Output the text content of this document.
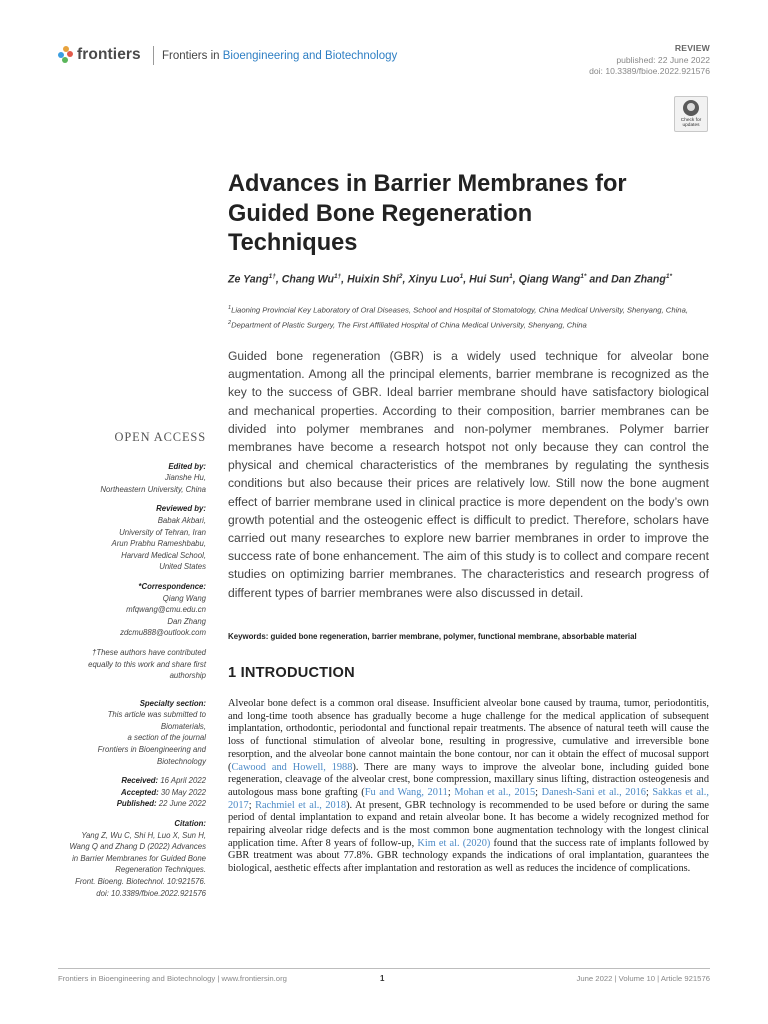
frontiers Frontiers in Bioengineering and Biotechnology
REVIEW
published: 22 June 2022
doi: 10.3389/fbioe.2022.921576
Check for updates
Advances in Barrier Membranes for
Guided Bone Regeneration
Techniques
Ze Yang$^{1\dagger}$, Chang $Wu^{1\dagger}$, Huixin Shi$^2$, Xinyu Luo$^1$, Hui Sun$^1$, Qiang Wang$^{1*}$ and Dan Zhang$^{1*}$
$^1$Liaoning Provincial Key Laboratory of Oral Diseases, School and Hospital of Stomatology, China Medical University, Shenyang, China, $^2$Department of Plastic Surgery, The First Affiliated Hospital of China Medical University, Shenyang, China
Guided bone regeneration (GBR) is a widely used technique for alveolar bone augmentation. Among all the principal elements, barrier membrane is recognized as the key to the success of GBR. Ideal barrier membrane should have satisfactory biological and mechanical properties. According to their composition, barrier membranes can be divided into polymer membranes and non-polymer membranes. Polymer barrier membranes have become a research hotspot not only because they can control the physical and chemical characteristics of the membranes by regulating the synthesis conditions but also because their prices are relatively low. Still now the bone augment effect of barrier membrane used in clinical practice is more dependent on the body’s own growth potential and the osteogenic effect is difficult to predict. Therefore, scholars have carried out many researches to explore new barrier membranes in order to improve the success rate of bone enhancement. The aim of this study is to collect and compare recent studies on optimizing barrier membranes. The characteristics and research progress of different types of barrier membranes were also discussed in detail.
Keywords: guided bone regeneration, barrier membrane, polymer, functional membrane, absorbable material
1 INTRODUCTION
Alveolar bone defect is a common oral disease. Insufficient alveolar bone caused by trauma, tumor, periodontitis, and long-time tooth absence has gradually become a huge challenge for the medical application of subsequent implantation, orthodontic, periodontal and functional repair treatments. The absence of natural teeth will cause the loss of functional stimulation of alveolar bone, resulting in progressive, cumulative and irreversible bone resorption, and the alveolar bone cannot maintain the bone contour, nor can it obtain the effect of mucosal support (Cawood and Howell, 1988). There are many ways to improve the alveolar bone, including guided bone regeneration, cleavage of the alveolar crest, bone compression, maxillary sinus lifting, distraction osteogenesis and autologous mass bone grafting (Fu and Wang, 2011; Mohan et al., 2015; Danesh-Sani et al., 2016; Sakkas et al., 2017; Rachmiel et al., 2018). At present, GBR technology is recommended to be used before or during the same period of dental implantation to expand and retain alveolar bone. It has become a widely recognized method for repairing alveolar ridge defects and is the most common bone augmentation technology with the longest clinical application time. After 8 years of follow-up, Kim et al. (2020) found that the success rate of implants followed by GBR treatment was about 77.8%. GBR technology expands the indications of oral implantation, guarantees the biological, aesthetic effects after implantation and restoration as well as reduces the incidence of complications.
OPEN ACCESS
Edited by:
Jianshe Hu,
Northeastern University, China
Reviewed by:
Babak Akbari,
University of Tehran, Iran
Arun Prabhu Rameshbabu,
Harvard Medical School,
United States
*Correspondence:
Qiang Wang
mfqwang@cmu.edu.cn
Dan Zhang
zdcmu888@outlook.com
†These authors have contributed
equally to this work and share first
authorship
Specialty section:
This article was submitted to
Biomaterials,
a section of the journal
Frontiers in Bioengineering and
Biotechnology
Received: 16 April 2022
Accepted: 30 May 2022
Published: 22 June 2022
Citation:
Yang Z, Wu C, Shi H, Luo X, Sun H,
Wang Q and Zhang D (2022) Advances
in Barrier Membranes for Guided Bone
Regeneration Techniques.
Front. Bioeng. Biotechnol. 10:921576.
doi: 10.3389/fbioe.2022.921576
Frontiers in Bioengineering and Biotechnology | www.frontiersin.org	1	June 2022 | Volume 10 | Article 921576
